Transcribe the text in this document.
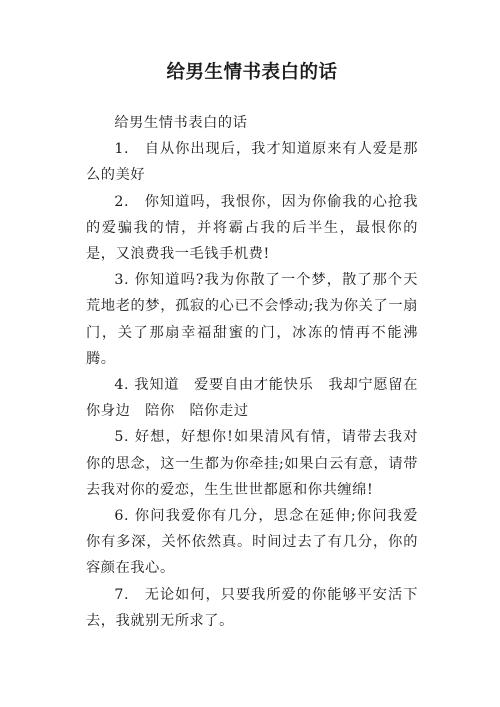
给男生情书表白的话

给男生情书表白的话

1.　自从你出现后，我才知道原来有人爱是那么的美好

2.　你知道吗，我恨你，因为你偷我的心抢我的爱骗我的情，并将霸占我的后半生，最恨你的是，又浪费我一毛钱手机费!

3. 你知道吗?我为你散了一个梦，散了那个天荒地老的梦，孤寂的心已不会悸动;我为你关了一扇门，关了那扇幸福甜蜜的门，冰冻的情再不能沸腾。

4. 我知道　爱要自由才能快乐　我却宁愿留在你身边　陪你　陪你走过

5. 好想，好想你!如果清风有情，请带去我对你的思念，这一生都为你牵挂;如果白云有意，请带去我对你的爱恋，生生世世都愿和你共缠绵!

6. 你问我爱你有几分，思念在延伸;你问我爱你有多深，关怀依然真。时间过去了有几分，你的容颜在我心。

7.　无论如何，只要我所爱的你能够平安活下去，我就别无所求了。
